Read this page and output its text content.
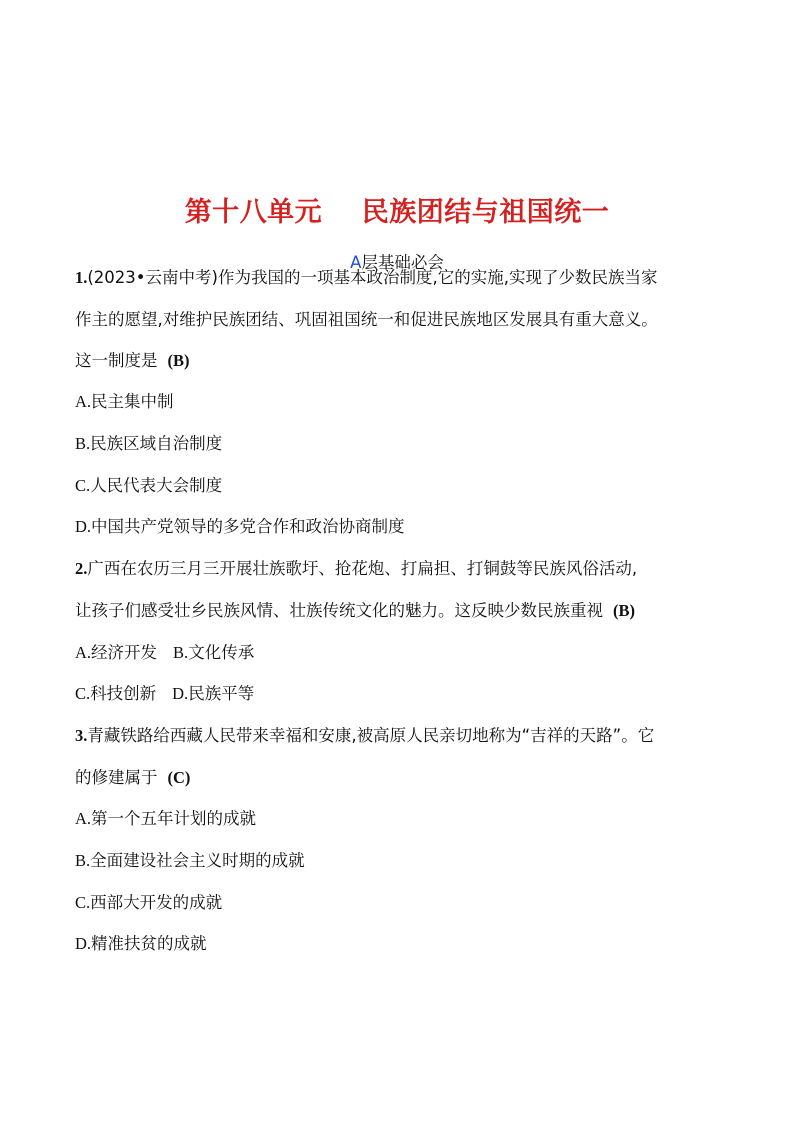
第十八单元    民族团结与祖国统一
A层基础必会
1.(2023•云南中考)作为我国的一项基本政治制度,它的实施,实现了少数民族当家
作主的愿望,对维护民族团结、巩固祖国统一和促进民族地区发展具有重大意义。
这一制度是 (B)
A.民主集中制
B.民族区域自治制度
C.人民代表大会制度
D.中国共产党领导的多党合作和政治协商制度
2.广西在农历三月三开展壮族歌圩、抢花炮、打扁担、打铜鼓等民族风俗活动,
让孩子们感受壮乡民族风情、壮族传统文化的魅力。这反映少数民族重视 (B)
A.经济开发 B.文化传承
C.科技创新 D.民族平等
3.青藏铁路给西藏人民带来幸福和安康,被高原人民亲切地称为“吉祥的天路”。它
的修建属于 (C)
A.第一个五年计划的成就
B.全面建设社会主义时期的成就
C.西部大开发的成就
D.精准扶贫的成就
